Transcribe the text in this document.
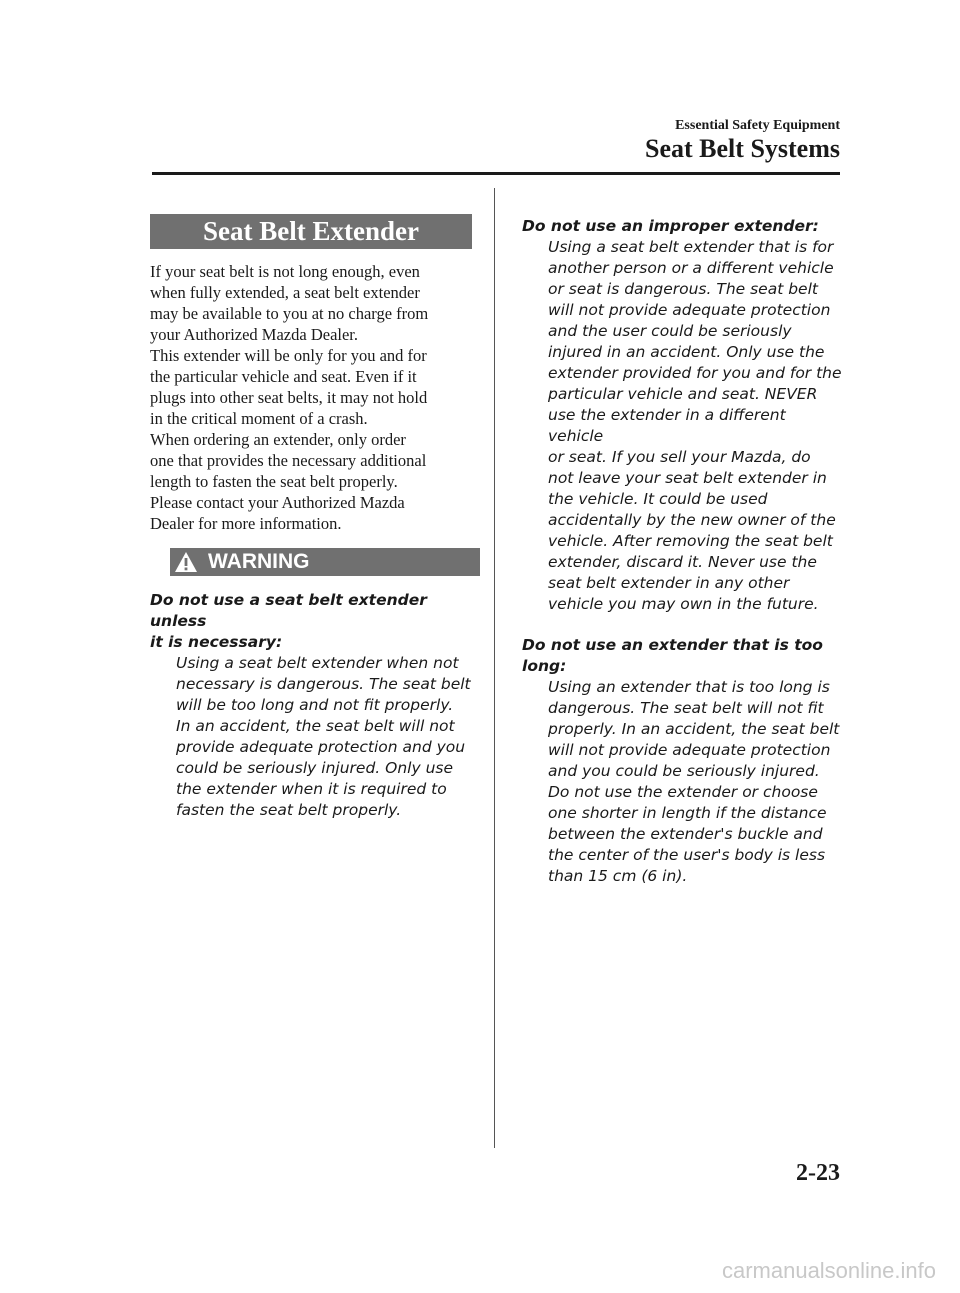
Essential Safety Equipment
Seat Belt Systems
Seat Belt Extender

If your seat belt is not long enough, even
when fully extended, a seat belt extender
may be available to you at no charge from
your Authorized Mazda Dealer.

This extender will be only for you and for
the particular vehicle and seat. Even if it
plugs into other seat belts, it may not hold
in the critical moment of a crash.

When ordering an extender, only order
one that provides the necessary additional
length to fasten the seat belt properly.

Please contact your Authorized Mazda
Dealer for more information.

WARNING

Do not use a seat belt extender unless
it is necessary:

Using a seat belt extender when not
necessary is dangerous. The seat belt
will be too long and not fit properly.
In an accident, the seat belt will not
provide adequate protection and you
could be seriously injured. Only use
the extender when it is required to
fasten the seat belt properly.

Do not use an improper extender:

Using a seat belt extender that is for
another person or a different vehicle
or seat is dangerous. The seat belt
will not provide adequate protection
and the user could be seriously
injured in an accident. Only use the
extender provided for you and for the
particular vehicle and seat. NEVER
use the extender in a different vehicle
or seat. If you sell your Mazda, do
not leave your seat belt extender in
the vehicle. It could be used
accidentally by the new owner of the
vehicle. After removing the seat belt
extender, discard it. Never use the
seat belt extender in any other
vehicle you may own in the future.

Do not use an extender that is too
long:

Using an extender that is too long is
dangerous. The seat belt will not fit
properly. In an accident, the seat belt
will not provide adequate protection
and you could be seriously injured.
Do not use the extender or choose
one shorter in length if the distance
between the extender's buckle and
the center of the user's body is less
than 15 cm (6 in).

2-23
carmanualsonline.info
